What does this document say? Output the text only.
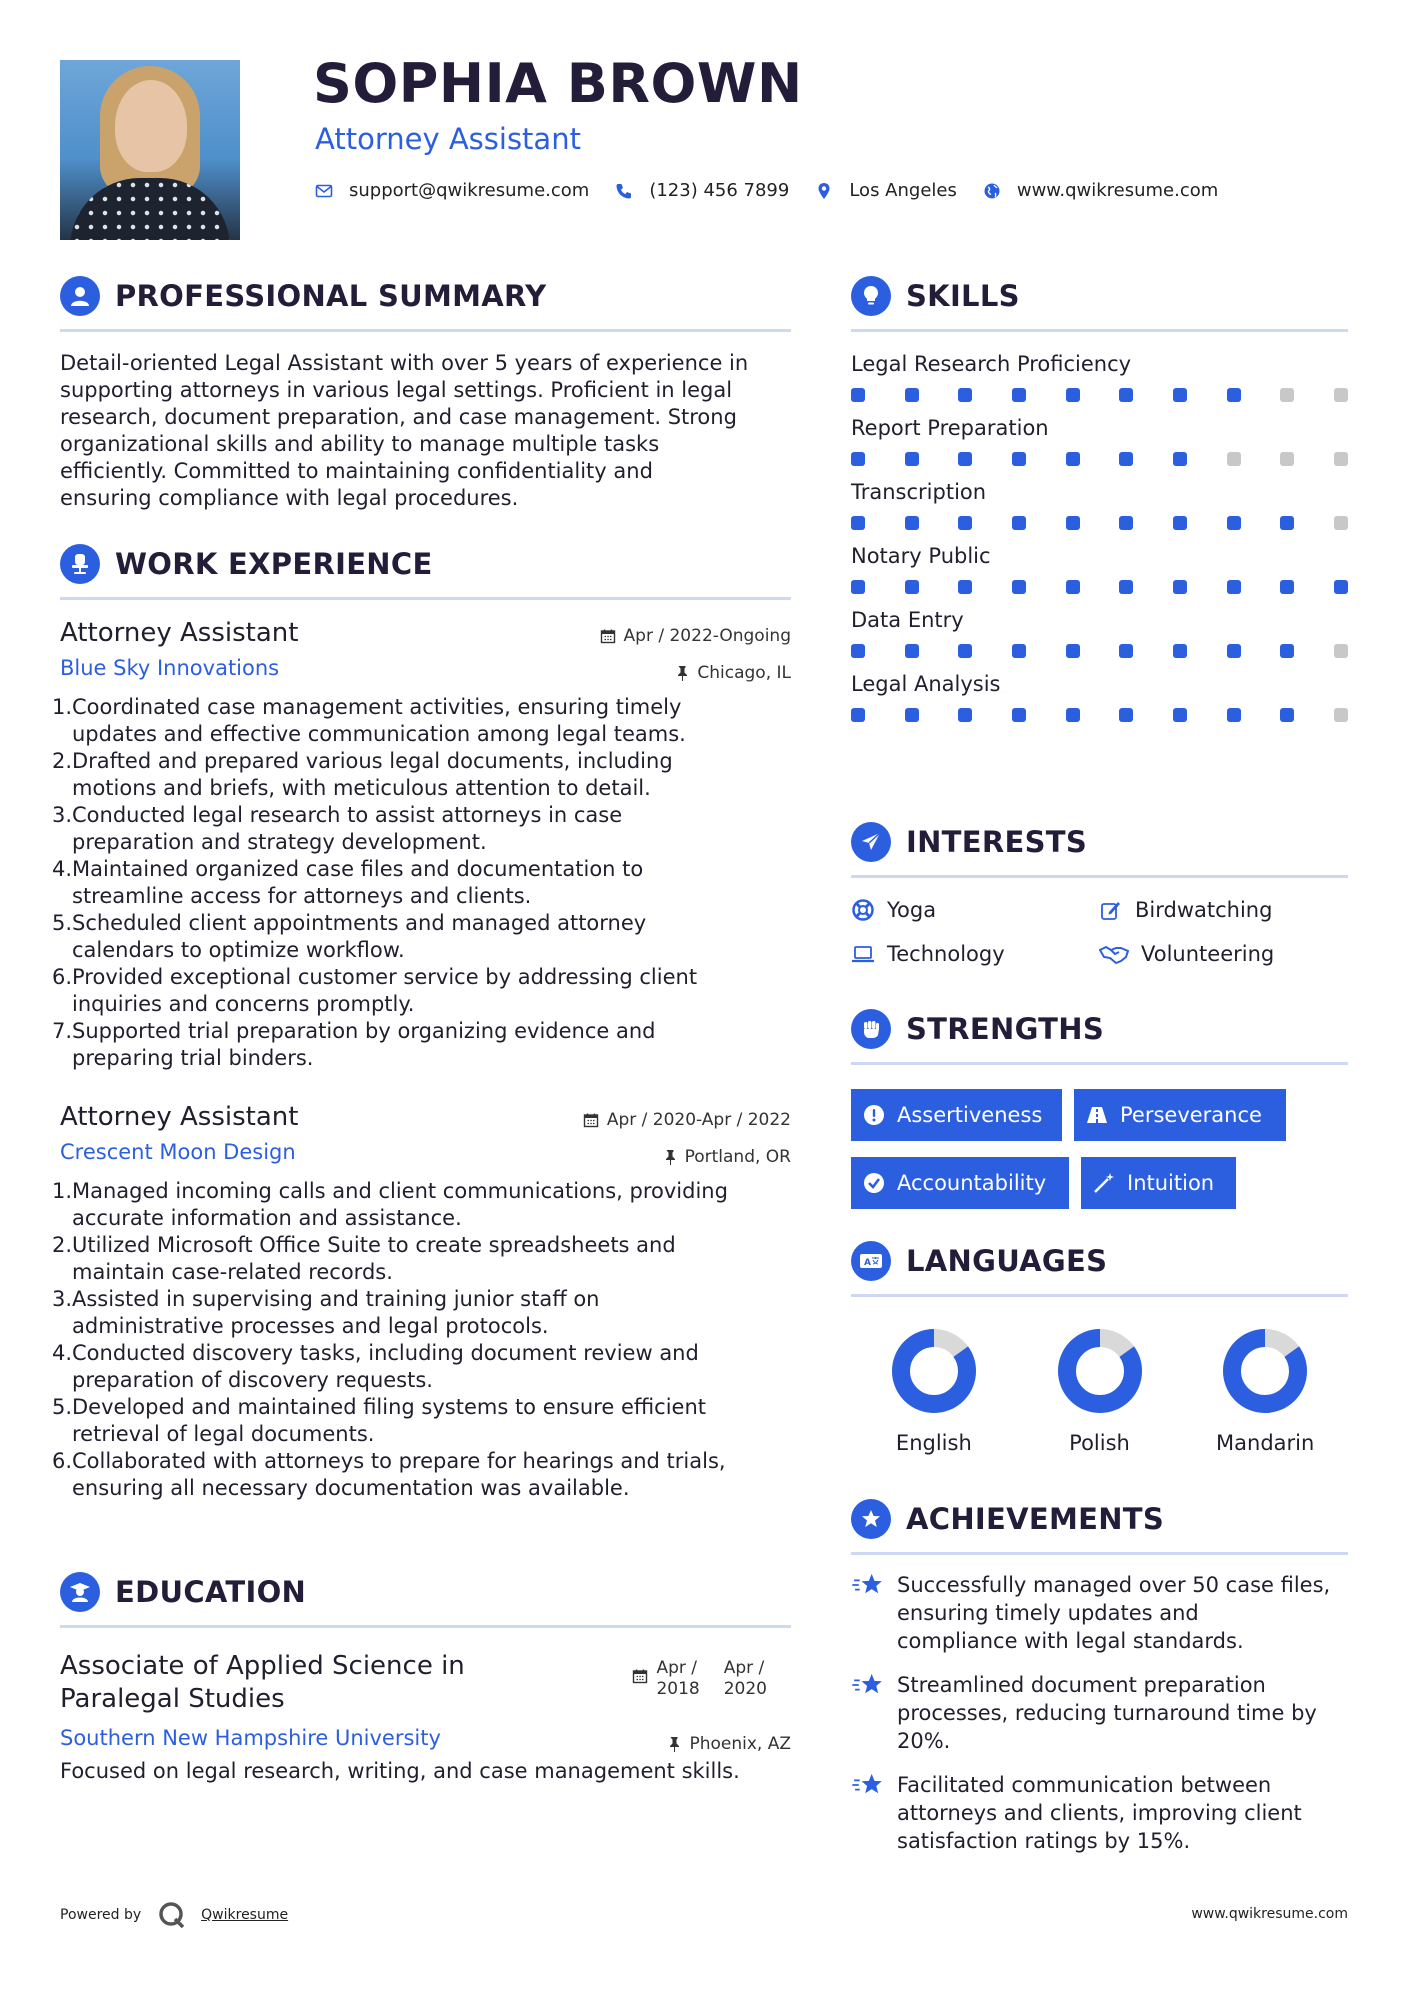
SOPHIA BROWN
Attorney Assistant
support@qwikresume.com	(123) 456 7899	Los Angeles	www.qwikresume.com
PROFESSIONAL SUMMARY
Detail-oriented Legal Assistant with over 5 years of experience in
supporting attorneys in various legal settings. Proficient in legal
research, document preparation, and case management. Strong
organizational skills and ability to manage multiple tasks
efficiently. Committed to maintaining confidentiality and
ensuring compliance with legal procedures.
WORK EXPERIENCE
Attorney Assistant	Apr / 2022-Ongoing
Blue Sky Innovations	Chicago, IL
1. Coordinated case management activities, ensuring timely
updates and effective communication among legal teams.
2. Drafted and prepared various legal documents, including
motions and briefs, with meticulous attention to detail.
3. Conducted legal research to assist attorneys in case
preparation and strategy development.
4. Maintained organized case files and documentation to
streamline access for attorneys and clients.
5. Scheduled client appointments and managed attorney
calendars to optimize workflow.
6. Provided exceptional customer service by addressing client
inquiries and concerns promptly.
7. Supported trial preparation by organizing evidence and
preparing trial binders.
Attorney Assistant	Apr / 2020-Apr / 2022
Crescent Moon Design	Portland, OR
1. Managed incoming calls and client communications, providing
accurate information and assistance.
2. Utilized Microsoft Office Suite to create spreadsheets and
maintain case-related records.
3. Assisted in supervising and training junior staff on
administrative processes and legal protocols.
4. Conducted discovery tasks, including document review and
preparation of discovery requests.
5. Developed and maintained filing systems to ensure efficient
retrieval of legal documents.
6. Collaborated with attorneys to prepare for hearings and trials,
ensuring all necessary documentation was available.
EDUCATION
Associate of Applied Science in
Paralegal Studies
Apr /
2018
Apr /
2020
Southern New Hampshire University	Phoenix, AZ
Focused on legal research, writing, and case management skills.
SKILLS
Legal Research Proficiency
Report Preparation
Transcription
Notary Public
Data Entry
Legal Analysis
INTERESTS
Yoga	Birdwatching
Technology	Volunteering
STRENGTHS
Assertiveness	Perseverance
Accountability	Intuition
A LANGUAGES
English	Polish	Mandarin
ACHIEVEMENTS
Successfully managed over 50 case files,
ensuring timely updates and
compliance with legal standards.
Streamlined document preparation
processes, reducing turnaround time by
20%.
Facilitated communication between
attorneys and clients, improving client
satisfaction ratings by 15%.
Powered by	Qwikresume	www.qwikresume.com
